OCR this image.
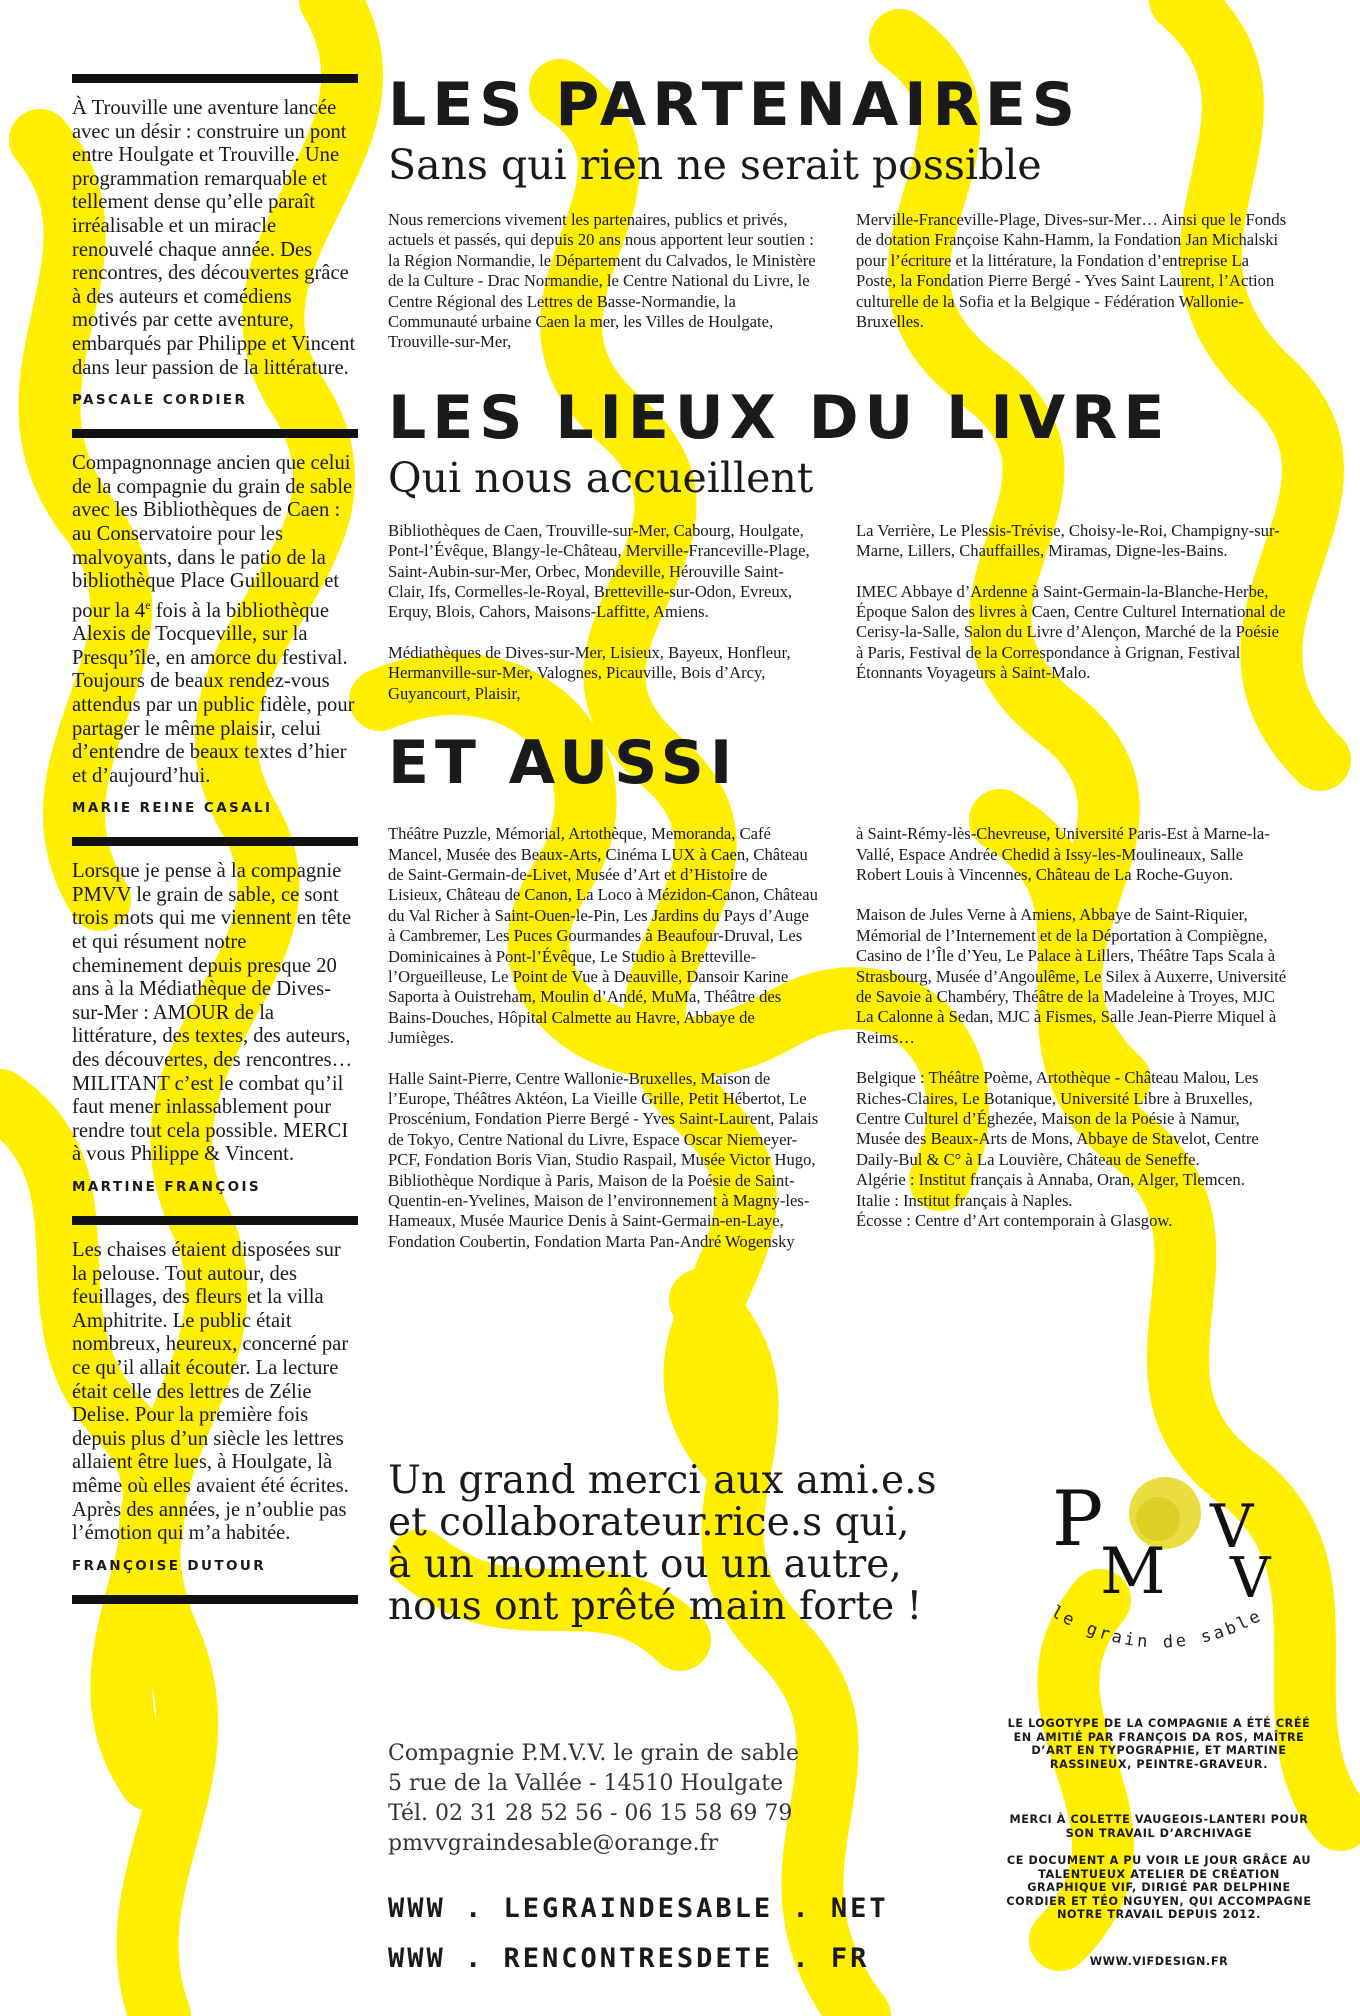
À Trouville une aventure lancée avec un désir : construire un pont entre Houlgate et Trouville. Une programmation remarquable et tellement dense qu’elle paraît irréalisable et un miracle renouvelé chaque année. Des rencontres, des découvertes grâce à des auteurs et comédiens motivés par cette aventure, embarqués par Philippe et Vincent dans leur passion de la littérature.

PASCALE CORDIER

Compagnonnage ancien que celui de la compagnie du grain de sable avec les Bibliothèques de Caen : au Conservatoire pour les malvoyants, dans le patio de la bibliothèque Place Guillouard et pour la 4e fois à la bibliothèque Alexis de Tocqueville, sur la Presqu’île, en amorce du festival. Toujours de beaux rendez-vous attendus par un public fidèle, pour partager le même plaisir, celui d’entendre de beaux textes d’hier et d’aujourd’hui.

MARIE REINE CASALI

Lorsque je pense à la compagnie PMVV le grain de sable, ce sont trois mots qui me viennent en tête et qui résument notre cheminement depuis presque 20 ans à la Médiathèque de Dives-sur-Mer : AMOUR de la littérature, des textes, des auteurs, des découvertes, des rencontres… MILITANT c’est le combat qu’il faut mener inlassablement pour rendre tout cela possible. MERCI à vous Philippe & Vincent.

MARTINE FRANÇOIS

Les chaises étaient disposées sur la pelouse. Tout autour, des feuillages, des fleurs et la villa Amphitrite. Le public était nombreux, heureux, concerné par ce qu’il allait écouter. La lecture était celle des lettres de Zélie Delise. Pour la première fois depuis plus d’un siècle les lettres allaient être lues, à Houlgate, là même où elles avaient été écrites. Après des années, je n’oublie pas l’émotion qui m’a habitée.

FRANÇOISE DUTOUR
LES PARTENAIRES
Sans qui rien ne serait possible

Nous remercions vivement les partenaires, publics et privés, actuels et passés, qui depuis 20 ans nous apportent leur soutien : la Région Normandie, le Département du Calvados, le Ministère de la Culture - Drac Normandie, le Centre National du Livre, le Centre Régional des Lettres de Basse-Normandie, la Communauté urbaine Caen la mer, les Villes de Houlgate, Trouville-sur-Mer,

Merville-Franceville-Plage, Dives-sur-Mer… Ainsi que le Fonds de dotation Françoise Kahn-Hamm, la Fondation Jan Michalski pour l’écriture et la littérature, la Fondation d’entreprise La Poste, la Fondation Pierre Bergé - Yves Saint Laurent, l’Action culturelle de la Sofia et la Belgique - Fédération Wallonie-Bruxelles.

LES LIEUX DU LIVRE
Qui nous accueillent

Bibliothèques de Caen, Trouville-sur-Mer, Cabourg, Houlgate, Pont-l’Évêque, Blangy-le-Château, Merville-Franceville-Plage, Saint-Aubin-sur-Mer, Orbec, Mondeville, Hérouville Saint-Clair, Ifs, Cormelles-le-Royal, Bretteville-sur-Odon, Evreux, Erquy, Blois, Cahors, Maisons-Laffitte, Amiens.

Médiathèques de Dives-sur-Mer, Lisieux, Bayeux, Honfleur, Hermanville-sur-Mer, Valognes, Picauville, Bois d’Arcy, Guyancourt, Plaisir,

La Verrière, Le Plessis-Trévise, Choisy-le-Roi, Champigny-sur-Marne, Lillers, Chauffailles, Miramas, Digne-les-Bains.

IMEC Abbaye d’Ardenne à Saint-Germain-la-Blanche-Herbe, Époque Salon des livres à Caen, Centre Culturel International de Cerisy-la-Salle, Salon du Livre d’Alençon, Marché de la Poésie à Paris, Festival de la Correspondance à Grignan, Festival Étonnants Voyageurs à Saint-Malo.

ET AUSSI

Théâtre Puzzle, Mémorial, Artothèque, Memoranda, Café Mancel, Musée des Beaux-Arts, Cinéma LUX à Caen, Château de Saint-Germain-de-Livet, Musée d’Art et d’Histoire de Lisieux, Château de Canon, La Loco à Mézidon-Canon, Château du Val Richer à Saint-Ouen-le-Pin, Les Jardins du Pays d’Auge à Cambremer, Les Puces Gourmandes à Beaufour-Druval, Les Dominicaines à Pont-l’Évêque, Le Studio à Bretteville-l’Orgueilleuse, Le Point de Vue à Deauville, Dansoir Karine Saporta à Ouistreham, Moulin d’Andé, MuMa, Théâtre des Bains-Douches, Hôpital Calmette au Havre, Abbaye de Jumièges.

Halle Saint-Pierre, Centre Wallonie-Bruxelles, Maison de l’Europe, Théâtres Aktéon, La Vieille Grille, Petit Hébertot, Le Proscénium, Fondation Pierre Bergé - Yves Saint-Laurent, Palais de Tokyo, Centre National du Livre, Espace Oscar Niemeyer-PCF, Fondation Boris Vian, Studio Raspail, Musée Victor Hugo, Bibliothèque Nordique à Paris, Maison de la Poésie de Saint-Quentin-en-Yvelines, Maison de l’environnement à Magny-les-Hameaux, Musée Maurice Denis à Saint-Germain-en-Laye, Fondation Coubertin, Fondation Marta Pan-André Wogensky

à Saint-Rémy-lès-Chevreuse, Université Paris-Est à Marne-la-Vallé, Espace Andrée Chedid à Issy-les-Moulineaux, Salle Robert Louis à Vincennes, Château de La Roche-Guyon.

Maison de Jules Verne à Amiens, Abbaye de Saint-Riquier, Mémorial de l’Internement et de la Déportation à Compiègne, Casino de l’Île d’Yeu, Le Palace à Lillers, Théâtre Taps Scala à Strasbourg, Musée d’Angoulême, Le Silex à Auxerre, Université de Savoie à Chambéry, Théâtre de la Madeleine à Troyes, MJC La Calonne à Sedan, MJC à Fismes, Salle Jean-Pierre Miquel à Reims…

Belgique : Théâtre Poème, Artothèque - Château Malou, Les Riches-Claires, Le Botanique, Université Libre à Bruxelles, Centre Culturel d’Éghezée, Maison de la Poésie à Namur, Musée des Beaux-Arts de Mons, Abbaye de Stavelot, Centre Daily-Bul & C° à La Louvière, Château de Seneffe.
Algérie : Institut français à Annaba, Oran, Alger, Tlemcen.
Italie : Institut français à Naples.
Écosse : Centre d’Art contemporain à Glasgow.

Un grand merci aux ami.e.s
et collaborateur.rice.s qui,
à un moment ou un autre,
nous ont prêté main forte !
Compagnie P.M.V.V. le grain de sable
5 rue de la Vallée - 14510 Houlgate
Tél. 02 31 28 52 56 - 06 15 58 69 79
pmvvgraindesable@orange.fr
WWW . LEGRAINDESABLE . NET
WWW . RENCONTRESDETE . FR
P
M
V
V
le grain de sable
LE LOGOTYPE DE LA COMPAGNIE A ÉTÉ CRÉÉ EN AMITIÉ PAR FRANÇOIS DA ROS, MAÎTRE D’ART EN TYPOGRAPHIE, ET MARTINE RASSINEUX, PEINTRE-GRAVEUR.
MERCI À COLETTE VAUGEOIS-LANTERI POUR SON TRAVAIL D’ARCHIVAGE
CE DOCUMENT A PU VOIR LE JOUR GRÂCE AU TALENTUEUX ATELIER DE CRÉATION GRAPHIQUE VIF, DIRIGÉ PAR DELPHINE CORDIER ET TÉO NGUYEN, QUI ACCOMPAGNE NOTRE TRAVAIL DEPUIS 2012.
WWW.VIFDESIGN.FR
